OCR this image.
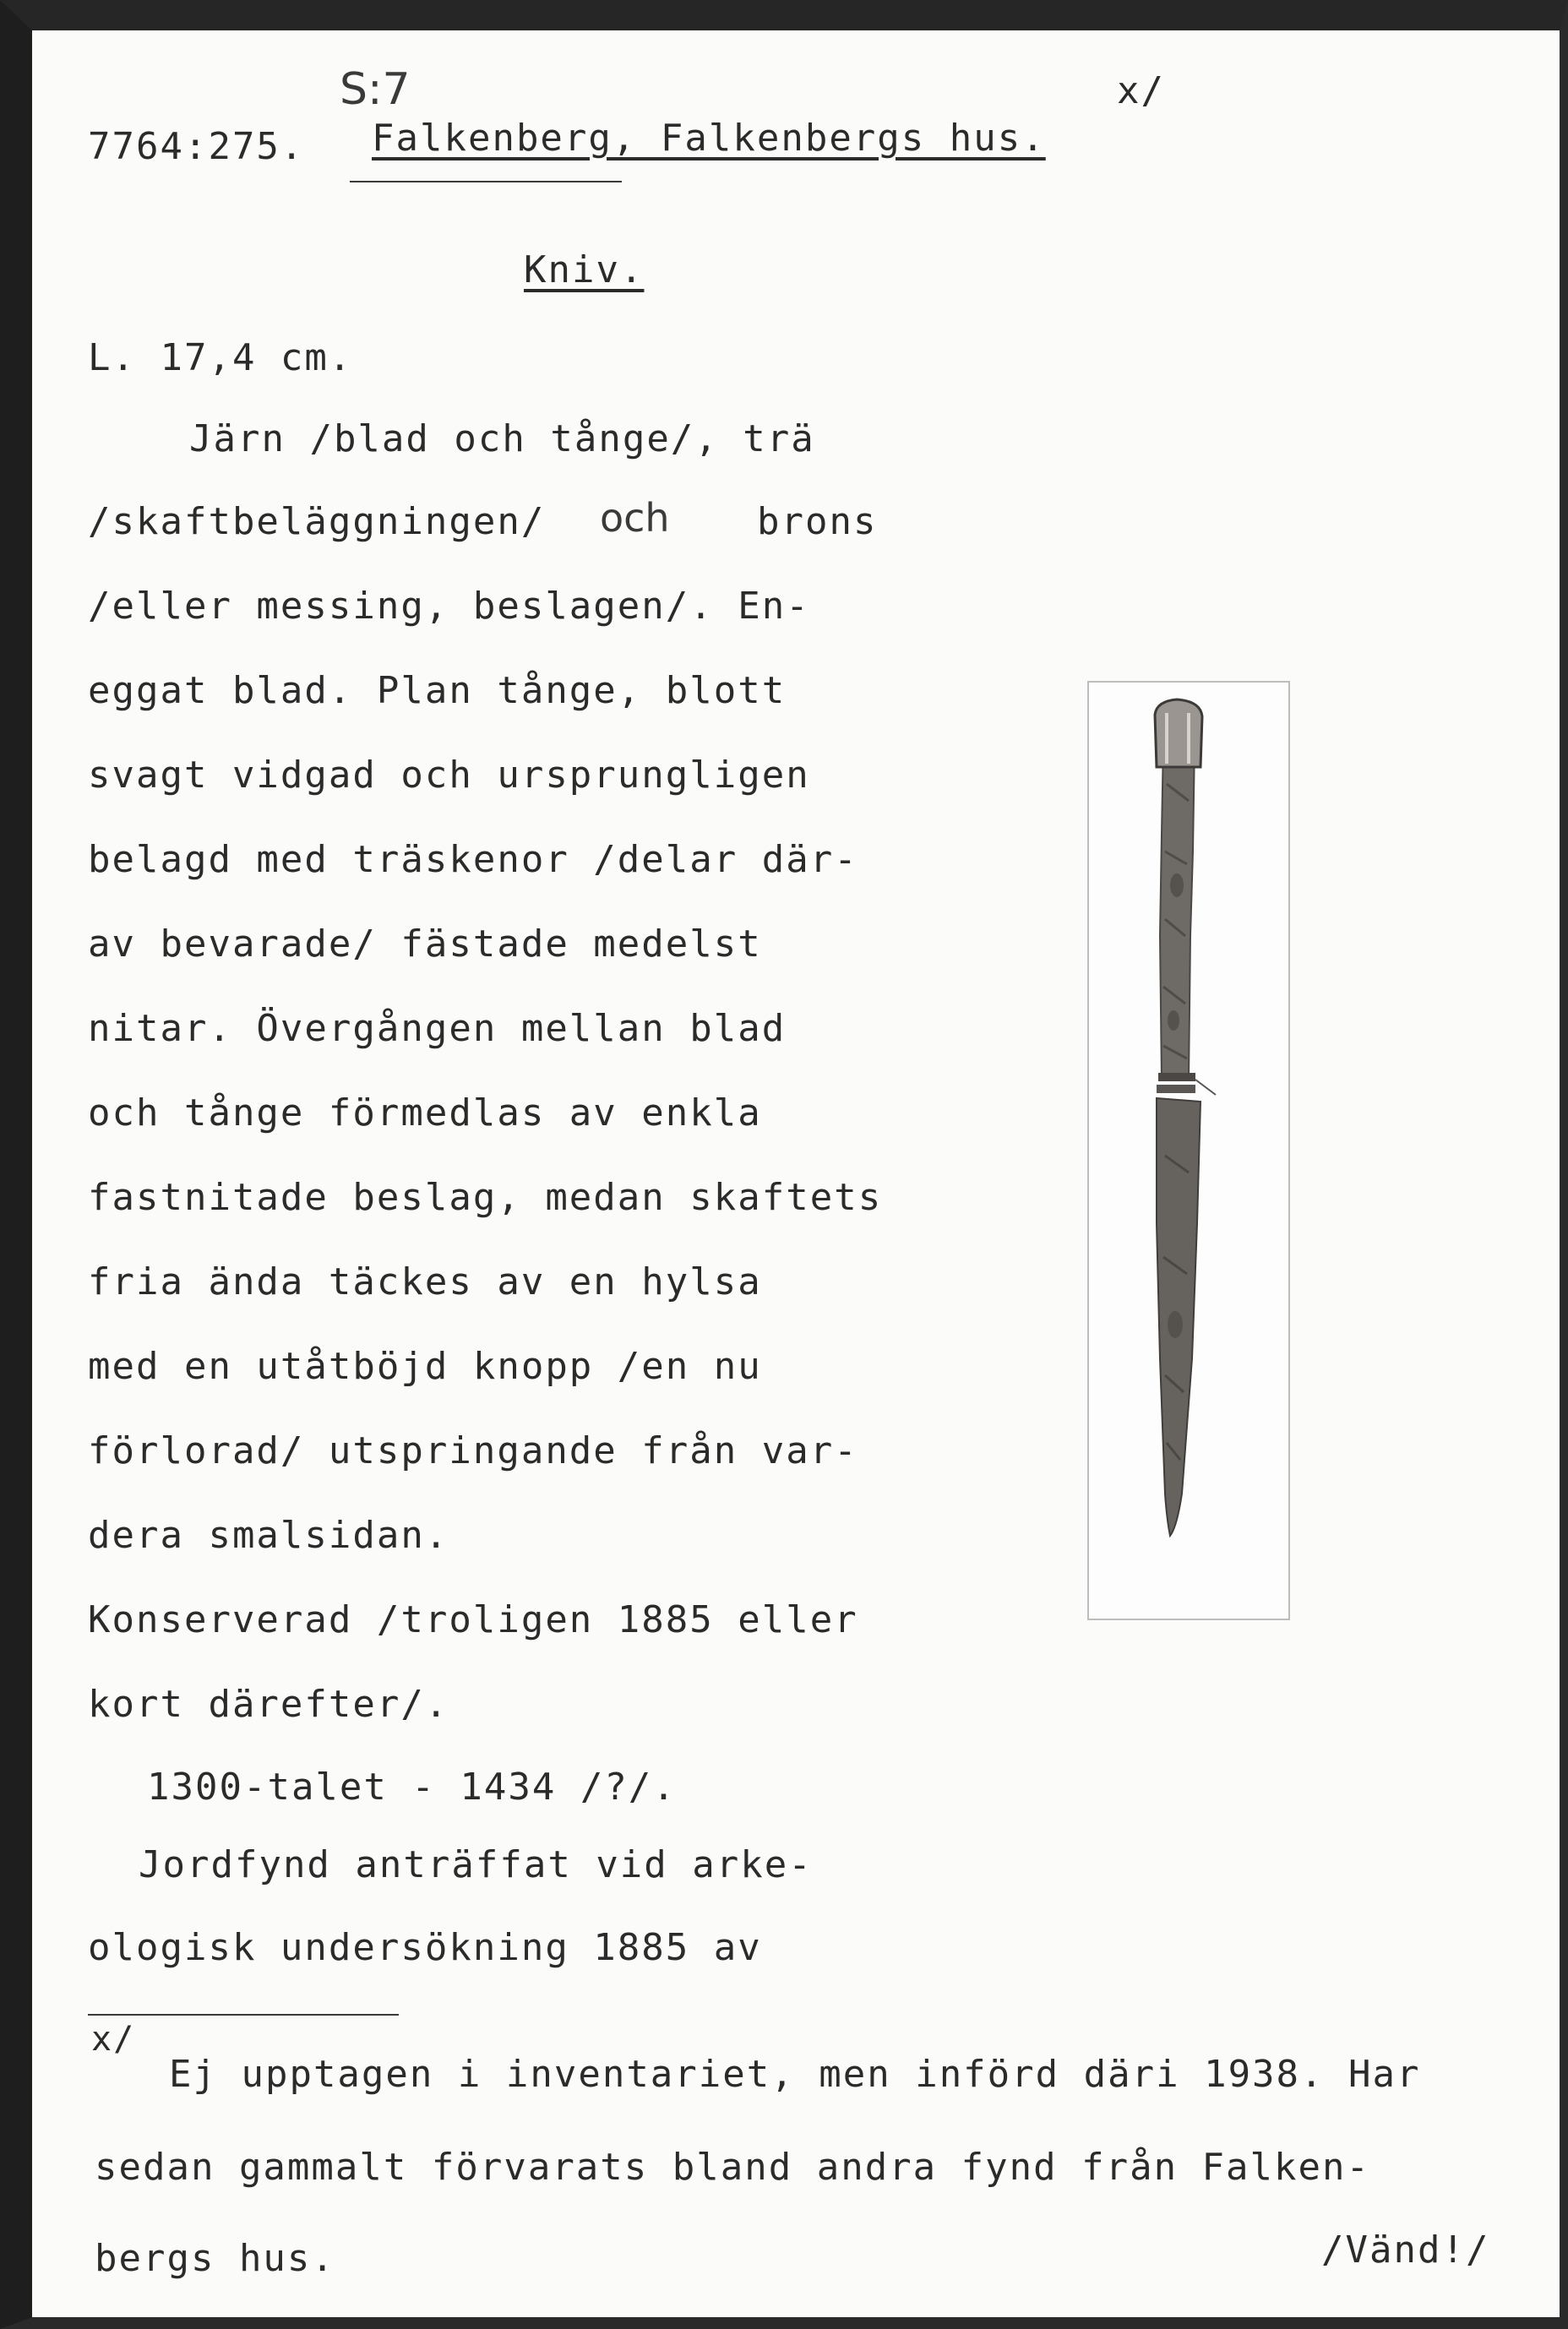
S:7	x/
7764:275. Falkenberg, Falkenbergs hus.
Kniv.
L. 17,4 cm.
Järn /blad och tånge/, trä
/skaftbeläggningen/ och brons
/eller messing, beslagen/. En-
eggat blad. Plan tånge, blott
svagt vidgad och ursprungligen
belagd med träskenor /delar där-
av bevarade/ fästade medelst
nitar. Övergången mellan blad
och tånge förmedlas av enkla
fastnitade beslag, medan skaftets
fria ända täckes av en hylsa
med en utåtböjd knopp /en nu
förlorad/ utspringande från var-
dera smalsidan.
Konserverad /troligen 1885 eller
kort därefter/.
1300-talet - 1434 /?/.
Jordfynd anträffat vid arke-
ologisk undersökning 1885 av
x/
Ej upptagen i inventariet, men införd däri 1938. Har
sedan gammalt förvarats bland andra fynd från Falken-
bergs hus.	/Vänd!/
